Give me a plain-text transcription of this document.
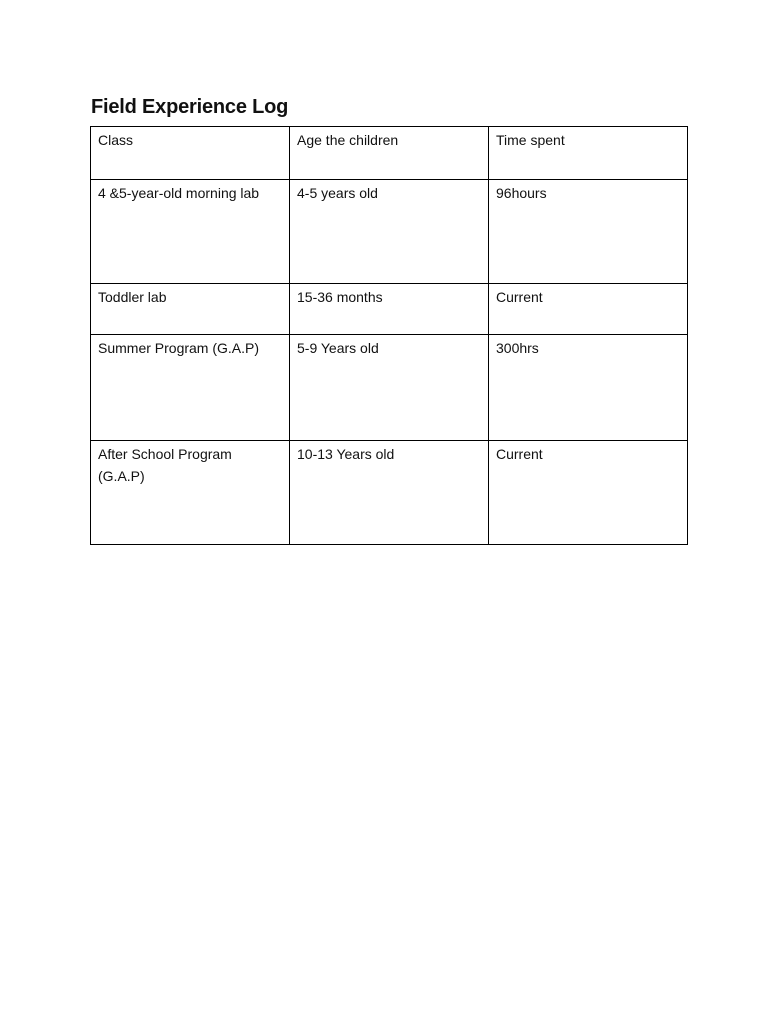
Field Experience Log
Class	Age the children	Time spent
4 &5-year-old morning lab	4-5 years old	96hours
Toddler lab	15-36 months	Current
Summer Program (G.A.P)	5-9 Years old	300hrs
After School Program (G.A.P)	10-13 Years old	Current
